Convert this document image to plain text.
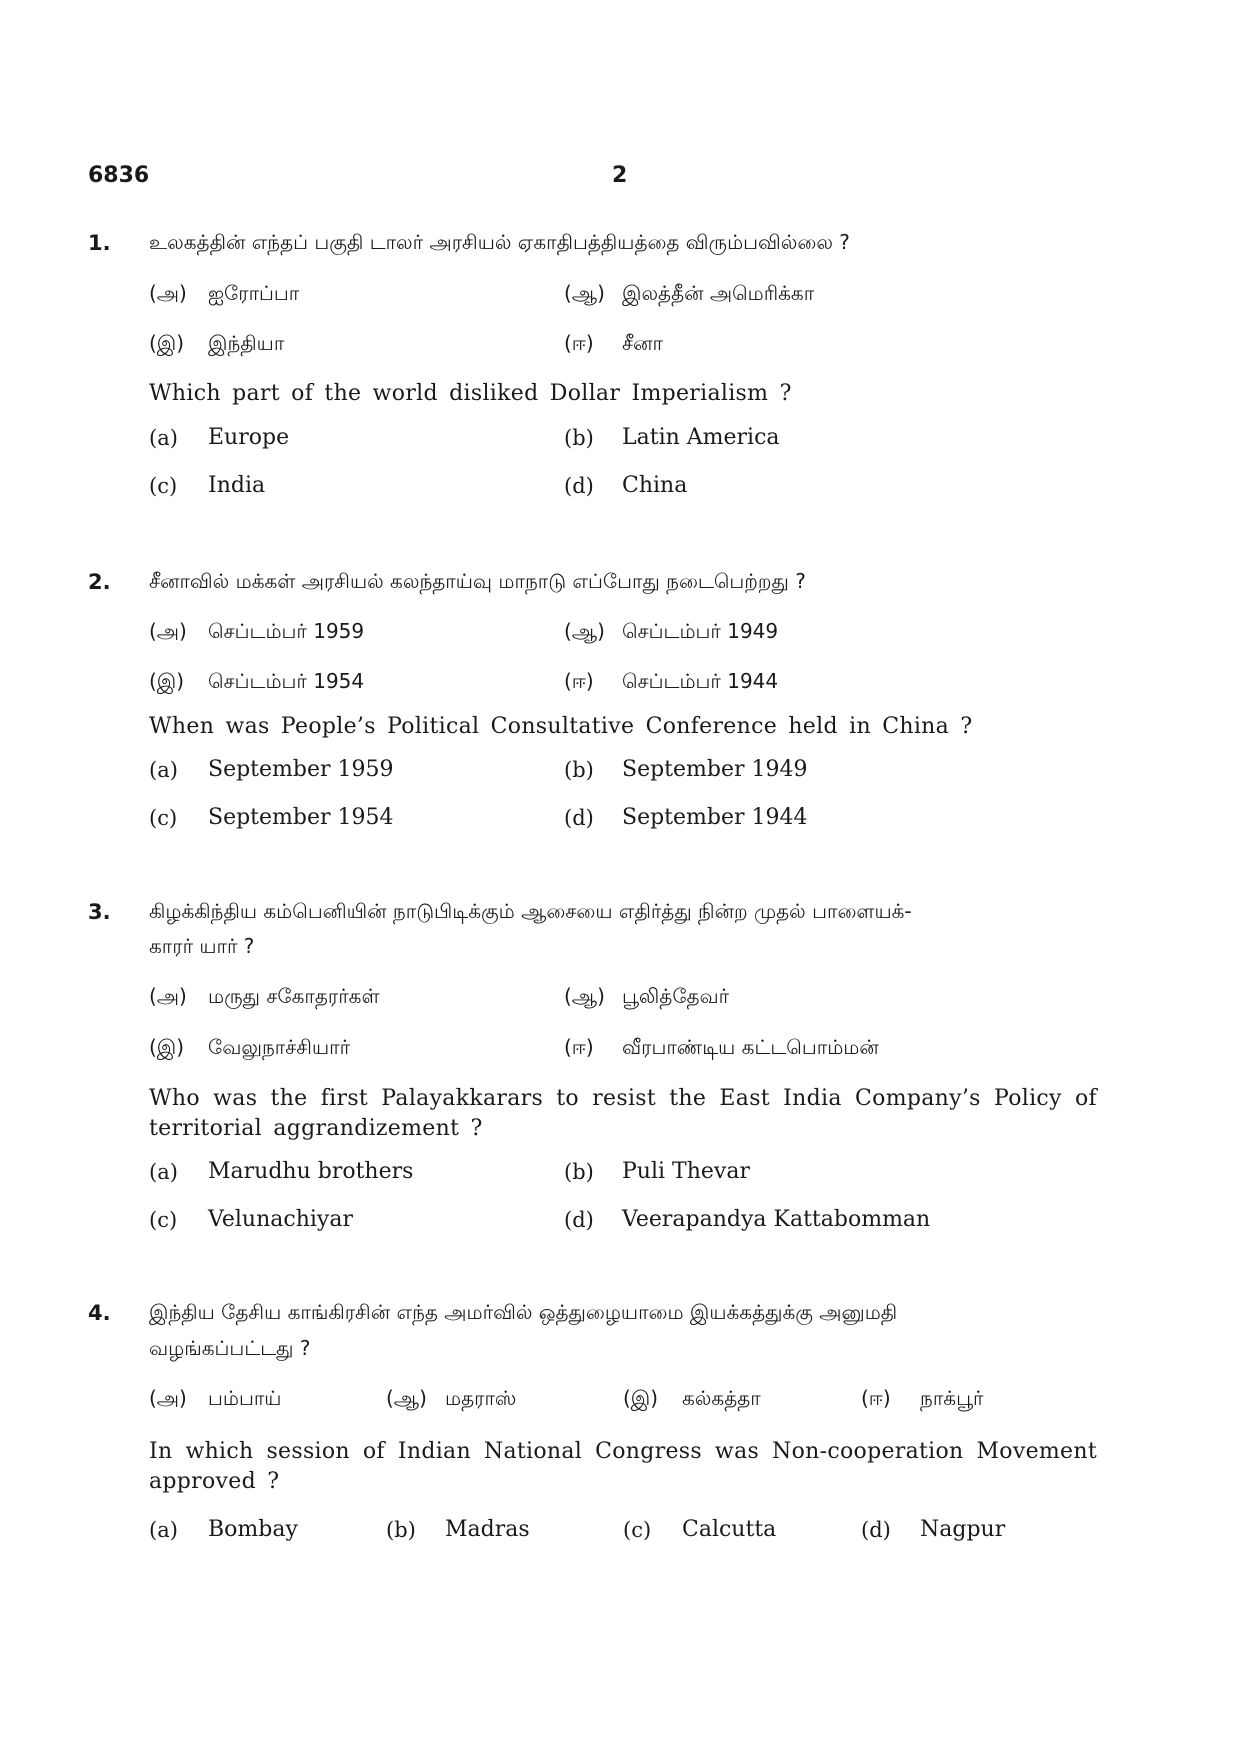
6836	2
1. உலகத்தின் எந்தப் பகுதி டாலர் அரசியல் ஏகாதிபத்தியத்தை விரும்பவில்லை ?
(அ) ஐரோப்பா	(ஆ) இலத்தீன் அமெரிக்கா
(இ) இந்தியா	(ஈ) சீனா
Which part of the world disliked Dollar Imperialism ?
(a) Europe	(b) Latin America
(c) India	(d) China
2. சீனாவில் மக்கள் அரசியல் கலந்தாய்வு மாநாடு எப்போது நடைபெற்றது ?
(அ) செப்டம்பர் 1959	(ஆ) செப்டம்பர் 1949
(இ) செப்டம்பர் 1954	(ஈ) செப்டம்பர் 1944
When was People’s Political Consultative Conference held in China ?
(a) September 1959	(b) September 1949
(c) September 1954	(d) September 1944
3. கிழக்கிந்திய கம்பெனியின் நாடுபிடிக்கும் ஆசையை எதிர்த்து நின்ற முதல் பாளையக்-
காரர் யார் ?
(அ) மருது சகோதரர்கள்	(ஆ) பூலித்தேவர்
(இ) வேலுநாச்சியார்	(ஈ) வீரபாண்டிய கட்டபொம்மன்
Who was the first Palayakkarars to resist the East India Company’s Policy of
territorial aggrandizement ?
(a) Marudhu brothers	(b) Puli Thevar
(c) Velunachiyar	(d) Veerapandya Kattabomman
4. இந்திய தேசிய காங்கிரசின் எந்த அமர்வில் ஒத்துழையாமை இயக்கத்துக்கு அனுமதி
வழங்கப்பட்டது ?
(அ) பம்பாய்	(ஆ) மதராஸ்	(இ) கல்கத்தா	(ஈ) நாக்பூர்
In which session of Indian National Congress was Non-cooperation Movement
approved ?
(a) Bombay	(b) Madras	(c) Calcutta	(d) Nagpur
